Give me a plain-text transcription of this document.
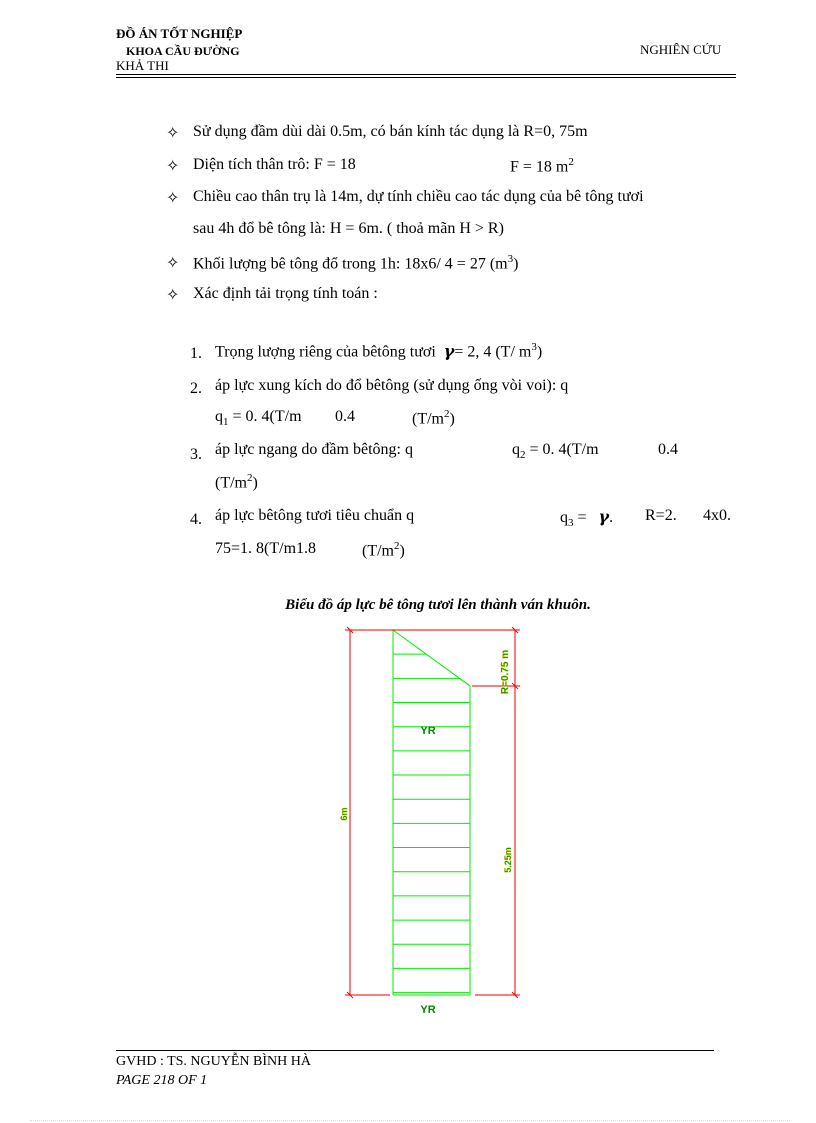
ĐỒ ÁN TỐT NGHIỆP
KHOA CẦU ĐƯỜNG
KHẢ THI
NGHIÊN CỨU
✧ Sử dụng đầm dùi dài 0.5m, có bán kính tác dụng là R=0, 75m
✧ Diện tích thân trô: F = 18	F = 18 $m^2$
✧ Chiều cao thân trụ là 14m, dự tính chiều cao tác dụng của bê tông tươi
sau 4h đổ bê tông là: H = 6m. ( thoả mãn H > R)
✧ Khối lượng bê tông đổ trong 1h: 18x6/ 4 = 27 $(m^3)$
✧ Xác định tải trọng tính toán :
1. Trọng lượng riêng của bêtông tươi γ= 2, 4 (T/ $m^3$)
2. áp lực xung kích do đổ bêtông (sử dụng ống vòi voi): q
$q_1 = 0$. 4(T/m 0.4	$(T/m^2)$
3. áp lực ngang do đầm bêtông: q	$q_2 = 0$. 4(T/m	0.4
$(T/m^2)$
4. áp lực bêtông tươi tiêu chuẩn q	$q_3 = \gamma$. R=2. 4x0.
75=1. 8(T/m1.8	$(T/m^2)$
Biểu đồ áp lực bê tông tươi lên thành ván khuôn.
YR
YR
R=0.75 m
6m
5.25m
GVHD : TS. NGUYỄN BÌNH HÀ
PAGE 218 OF 1
